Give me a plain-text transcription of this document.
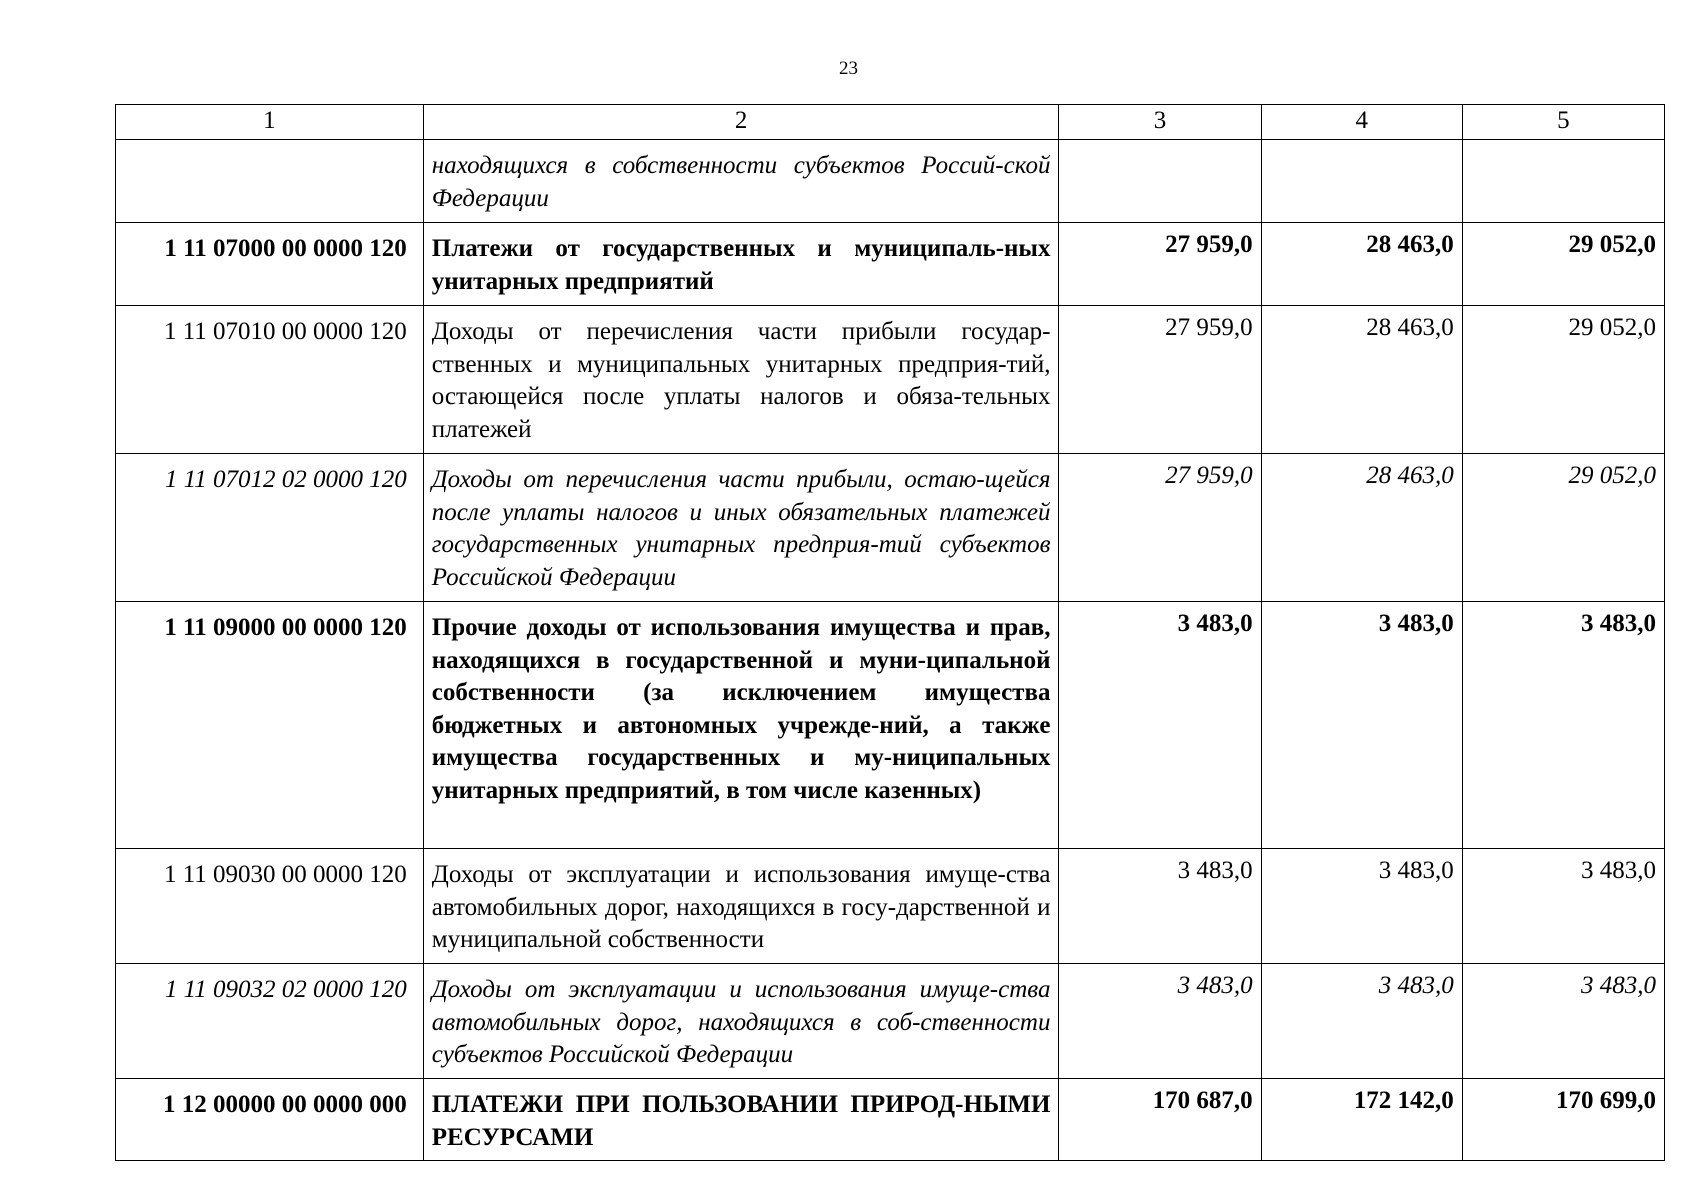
23
1	2	3	4	5
	находящихся в собственности субъектов Россий-ской Федерации			
1 11 07000 00 0000 120	Платежи от государственных и муниципаль-ных унитарных предприятий	27 959,0	28 463,0	29 052,0
1 11 07010 00 0000 120	Доходы от перечисления части прибыли государ-ственных и муниципальных унитарных предприя-тий, остающейся после уплаты налогов и обяза-тельных платежей	27 959,0	28 463,0	29 052,0
1 11 07012 02 0000 120	Доходы от перечисления части прибыли, остаю-щейся после уплаты налогов и иных обязательных платежей государственных унитарных предприя-тий субъектов Российской Федерации	27 959,0	28 463,0	29 052,0
1 11 09000 00 0000 120	Прочие доходы от использования имущества и прав, находящихся в государственной и муни-ципальной собственности (за исключением имущества бюджетных и автономных учрежде-ний, а также имущества государственных и му-ниципальных унитарных предприятий, в том числе казенных)	3 483,0	3 483,0	3 483,0
1 11 09030 00 0000 120	Доходы от эксплуатации и использования имуще-ства автомобильных дорог, находящихся в госу-дарственной и муниципальной собственности	3 483,0	3 483,0	3 483,0
1 11 09032 02 0000 120	Доходы от эксплуатации и использования имуще-ства автомобильных дорог, находящихся в соб-ственности субъектов Российской Федерации	3 483,0	3 483,0	3 483,0
1 12 00000 00 0000 000	ПЛАТЕЖИ ПРИ ПОЛЬЗОВАНИИ ПРИРОД-НЫМИ РЕСУРСАМИ	170 687,0	172 142,0	170 699,0
